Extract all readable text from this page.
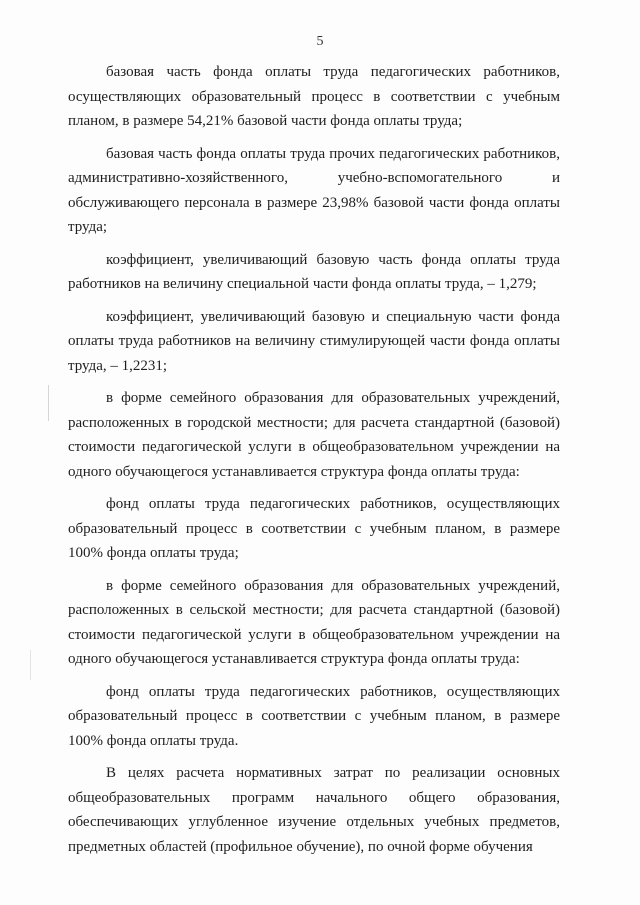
5

базовая часть фонда оплаты труда педагогических работников, осуществляющих образовательный процесс в соответствии с учебным планом, в размере 54,21% базовой части фонда оплаты труда;

базовая часть фонда оплаты труда прочих педагогических работников, административно-хозяйственного, учебно-вспомогательного и обслуживающего персонала в размере 23,98% базовой части фонда оплаты труда;

коэффициент, увеличивающий базовую часть фонда оплаты труда работников на величину специальной части фонда оплаты труда, – 1,279;

коэффициент, увеличивающий базовую и специальную части фонда оплаты труда работников на величину стимулирующей части фонда оплаты труда, – 1,2231;

в форме семейного образования для образовательных учреждений, расположенных в городской местности; для расчета стандартной (базовой) стоимости педагогической услуги в общеобразовательном учреждении на одного обучающегося устанавливается структура фонда оплаты труда:

фонд оплаты труда педагогических работников, осуществляющих образовательный процесс в соответствии с учебным планом, в размере 100% фонда оплаты труда;

в форме семейного образования для образовательных учреждений, расположенных в сельской местности; для расчета стандартной (базовой) стоимости педагогической услуги в общеобразовательном учреждении на одного обучающегося устанавливается структура фонда оплаты труда:

фонд оплаты труда педагогических работников, осуществляющих образовательный процесс в соответствии с учебным планом, в размере 100% фонда оплаты труда.

В целях расчета нормативных затрат по реализации основных общеобразовательных программ начального общего образования, обеспечивающих углубленное изучение отдельных учебных предметов, предметных областей (профильное обучение), по очной форме обучения
